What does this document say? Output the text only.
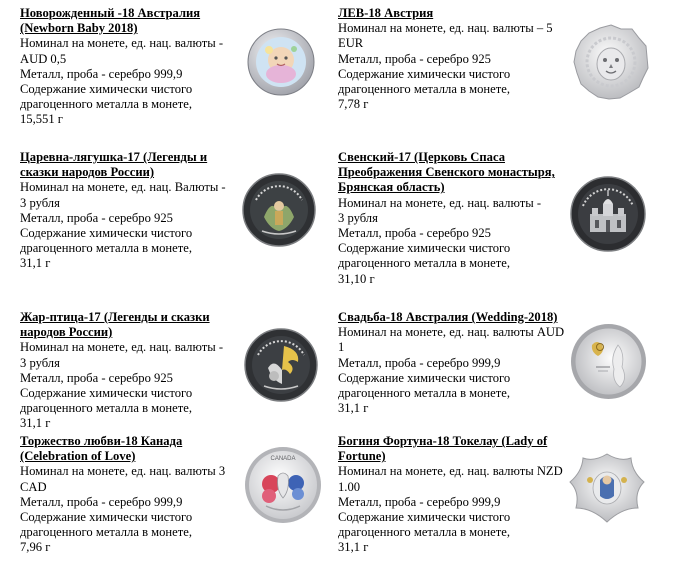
Новорожденный -18 Австралия
(Newborn Baby 2018)
Номинал на монете, ед. нац. валюты -
AUD 0,5
Металл, проба - серебро 999,9
Содержание химически чистого
драгоценного металла в монете,
15,551 г
ЛЕВ-18 Австрия
Номинал на монете, ед. нац. валюты – 5
EUR
Металл, проба - серебро 925
Содержание химически чистого
драгоценного металла в монете,
7,78 г
Царевна-лягушка-17 (Легенды и
сказки народов России)
Номинал на монете, ед. нац. Валюты -
3 рубля
Металл, проба - серебро 925
Содержание химически чистого
драгоценного металла в монете,
31,1 г
Свенский-17 (Церковь Спаса
Преображения Свенского монастыря,
Брянская область)
Номинал на монете, ед. нац. валюты -
3 рубля
Металл, проба - серебро 925
Содержание химически чистого
драгоценного металла в монете,
31,10 г
Жар-птица-17 (Легенды и сказки
народов России)
Номинал на монете, ед. нац. валюты -
3 рубля
Металл, проба - серебро 925
Содержание химически чистого
драгоценного металла в монете,
31,1 г
Свадьба-18 Австралия (Wedding-2018)
Номинал на монете, ед. нац. валюты AUD
1
Металл, проба - серебро 999,9
Содержание химически чистого
драгоценного металла в монете,
31,1 г
Торжество любви-18 Канада
(Celebration of Love)
Номинал на монете, ед. нац. валюты 3
CAD
Металл, проба - серебро 999,9
Содержание химически чистого
драгоценного металла в монете,
7,96 г
Богиня Фортуна-18 Токелау (Lady of
Fortune)
Номинал на монете, ед. нац. валюты NZD
1.00
Металл, проба - серебро 999,9
Содержание химически чистого
драгоценного металла в монете,
31,1 г
CANADA
